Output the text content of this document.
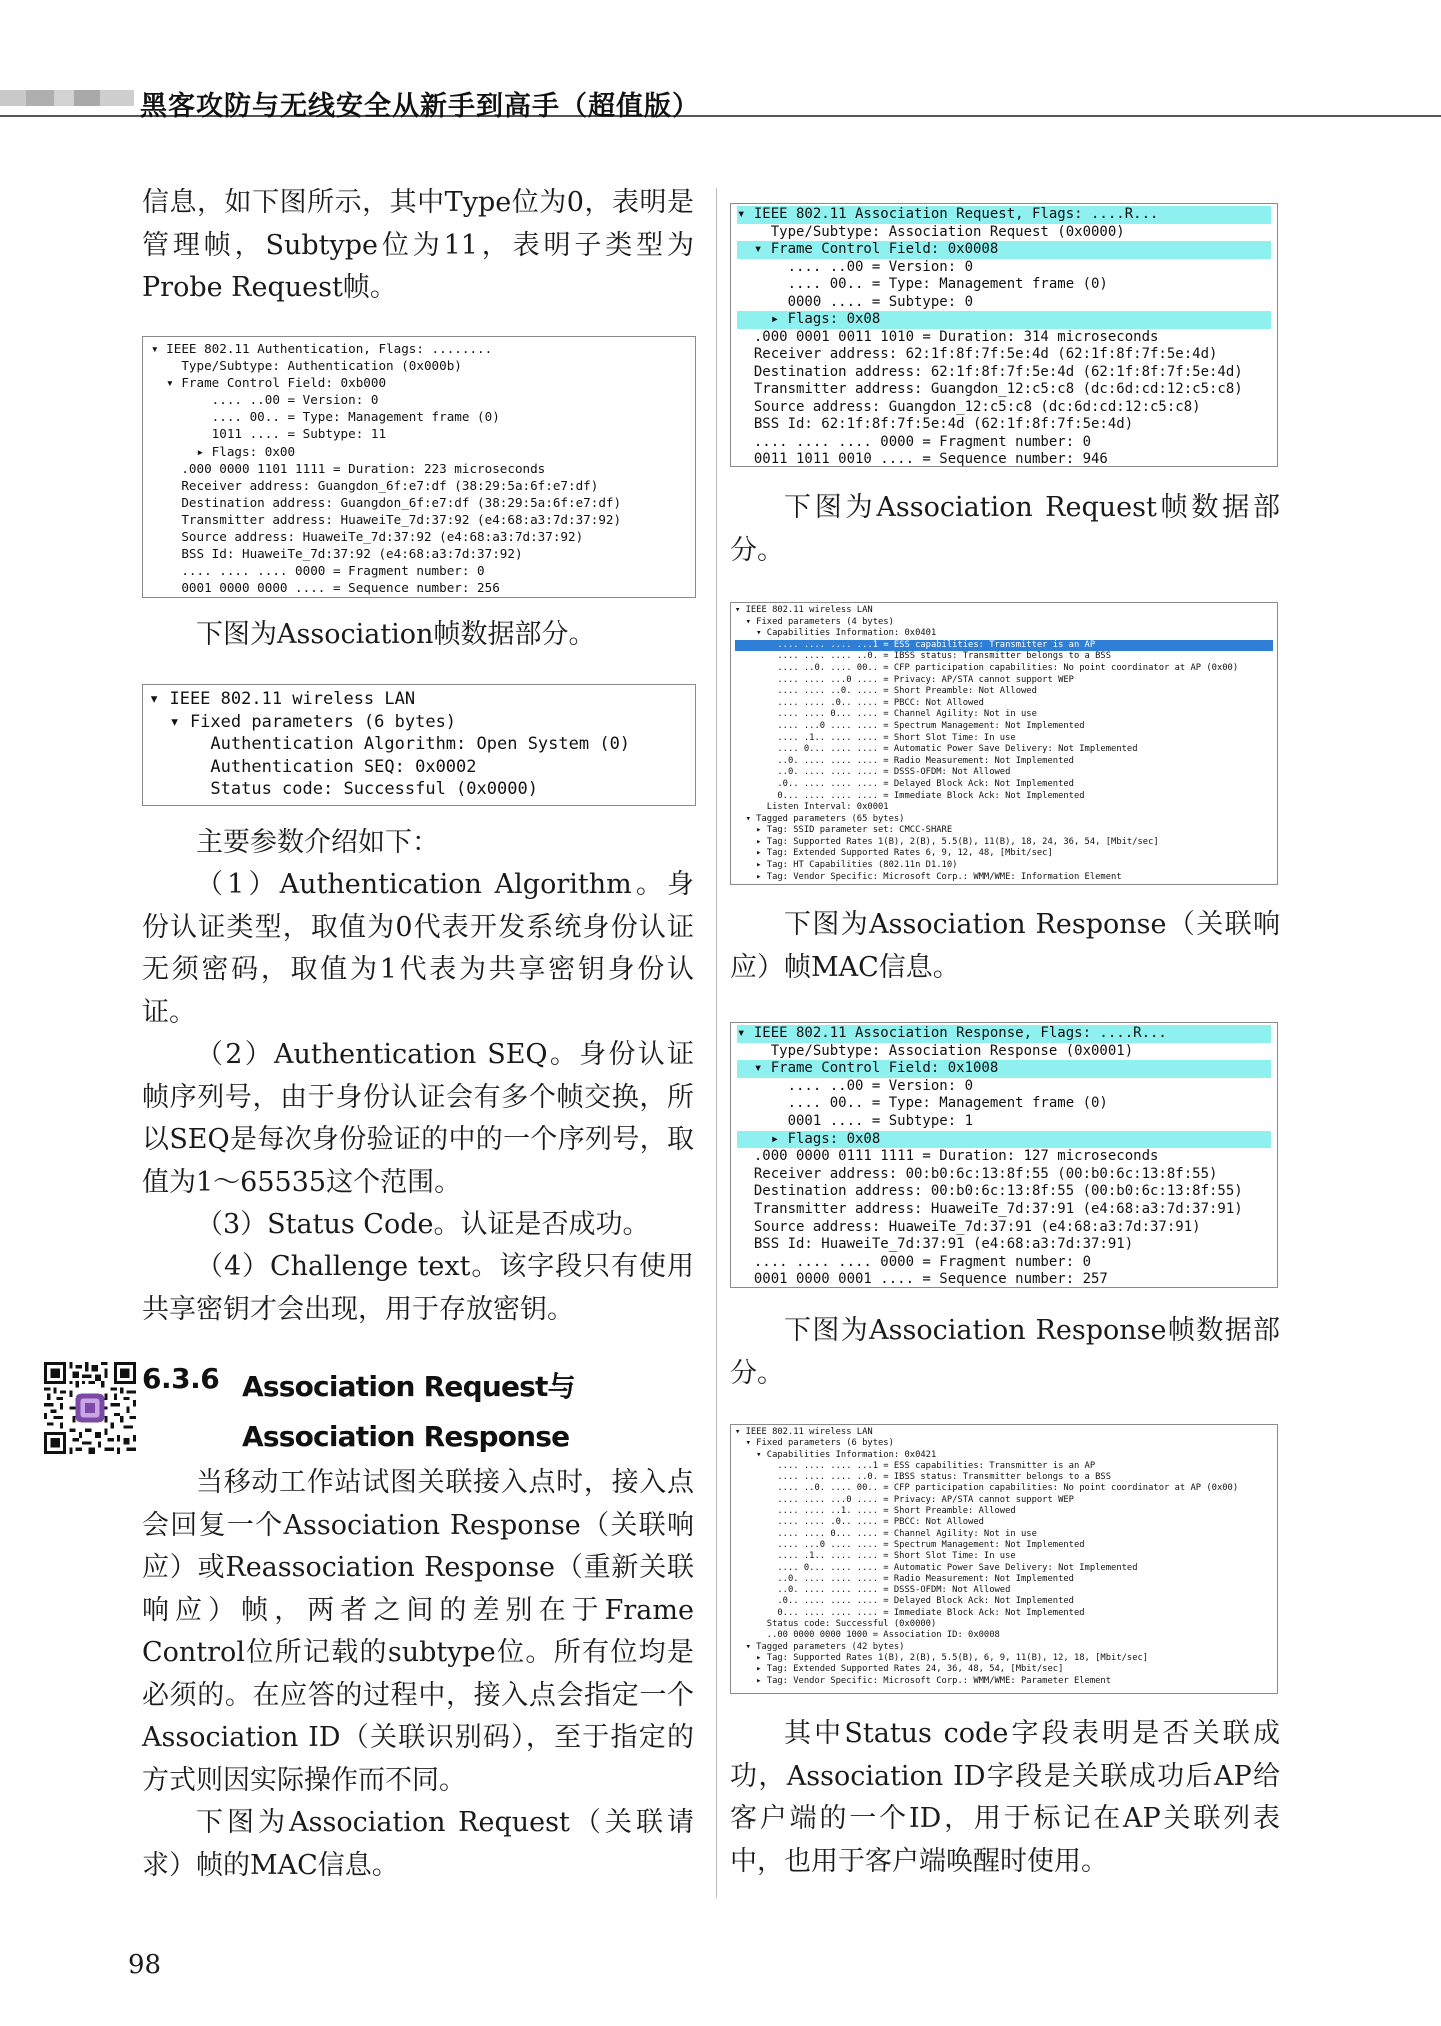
黑客攻防与无线安全从新手到高手（超值版）
信息，如下图所示，其中Type位为0，表明是管理帧，Subtype位为11，表明子类型为Probe Request帧。
▾ IEEE 802.11 Authentication, Flags: ........
Type/Subtype: Authentication (0x000b)
▾ Frame Control Field: 0xb000
.... ..00 = Version: 0
.... 00.. = Type: Management frame (0)
1011 .... = Subtype: 11
▸ Flags: 0x00
.000 0000 1101 1111 = Duration: 223 microseconds
Receiver address: Guangdon_6f:e7:df (38:29:5a:6f:e7:df)
Destination address: Guangdon_6f:e7:df (38:29:5a:6f:e7:df)
Transmitter address: HuaweiTe_7d:37:92 (e4:68:a3:7d:37:92)
Source address: HuaweiTe_7d:37:92 (e4:68:a3:7d:37:92)
BSS Id: HuaweiTe_7d:37:92 (e4:68:a3:7d:37:92)
.... .... .... 0000 = Fragment number: 0
0001 0000 0000 .... = Sequence number: 256
下图为Association帧数据部分。
▾ IEEE 802.11 wireless LAN
▾ Fixed parameters (6 bytes)
Authentication Algorithm: Open System (0)
Authentication SEQ: 0x0002
Status code: Successful (0x0000)
主要参数介绍如下：
（1）Authentication Algorithm。身份认证类型，取值为0代表开发系统身份认证无须密码，取值为1代表为共享密钥身份认证。
（2）Authentication SEQ。身份认证帧序列号，由于身份认证会有多个帧交换，所以SEQ是每次身份验证的中的一个序列号，取值为1～65535这个范围。
（3）Status Code。认证是否成功。
（4）Challenge text。该字段只有使用共享密钥才会出现，用于存放密钥。
6.3.6 Association Request与
Association Response
当移动工作站试图关联接入点时，接入点会回复一个Association Response（关联响应）或Reassociation Response（重新关联响应）帧，两者之间的差别在于Frame Control位所记载的subtype位。所有位均是必须的。在应答的过程中，接入点会指定一个Association ID（关联识别码），至于指定的方式则因实际操作而不同。
下图为Association Request（关联请求）帧的MAC信息。
▾ IEEE 802.11 Association Request, Flags: ....R...
Type/Subtype: Association Request (0x0000)
▾ Frame Control Field: 0x0008
.... ..00 = Version: 0
.... 00.. = Type: Management frame (0)
0000 .... = Subtype: 0
▸ Flags: 0x08
.000 0001 0011 1010 = Duration: 314 microseconds
Receiver address: 62:1f:8f:7f:5e:4d (62:1f:8f:7f:5e:4d)
Destination address: 62:1f:8f:7f:5e:4d (62:1f:8f:7f:5e:4d)
Transmitter address: Guangdon_12:c5:c8 (dc:6d:cd:12:c5:c8)
Source address: Guangdon_12:c5:c8 (dc:6d:cd:12:c5:c8)
BSS Id: 62:1f:8f:7f:5e:4d (62:1f:8f:7f:5e:4d)
.... .... .... 0000 = Fragment number: 0
0011 1011 0010 .... = Sequence number: 946
下图为Association Request帧数据部分。
▾ IEEE 802.11 wireless LAN
▾ Fixed parameters (4 bytes)
▾ Capabilities Information: 0x0401
.... .... .... ...1 = ESS capabilities: Transmitter is an AP
.... .... .... ..0. = IBSS status: Transmitter belongs to a BSS
.... ..0. .... 00.. = CFP participation capabilities: No point coordinator at AP (0x00)
.... .... ...0 .... = Privacy: AP/STA cannot support WEP
.... .... ..0. .... = Short Preamble: Not Allowed
.... .... .0.. .... = PBCC: Not Allowed
.... .... 0... .... = Channel Agility: Not in use
.... ...0 .... .... = Spectrum Management: Not Implemented
.... .1.. .... .... = Short Slot Time: In use
.... 0... .... .... = Automatic Power Save Delivery: Not Implemented
..0. .... .... .... = Radio Measurement: Not Implemented
..0. .... .... .... = DSSS-OFDM: Not Allowed
.0.. .... .... .... = Delayed Block Ack: Not Implemented
0... .... .... .... = Immediate Block Ack: Not Implemented
Listen Interval: 0x0001
▾ Tagged parameters (65 bytes)
▸ Tag: SSID parameter set: CMCC-SHARE
▸ Tag: Supported Rates 1(B), 2(B), 5.5(B), 11(B), 18, 24, 36, 54, [Mbit/sec]
▸ Tag: Extended Supported Rates 6, 9, 12, 48, [Mbit/sec]
▸ Tag: HT Capabilities (802.11n D1.10)
▸ Tag: Vendor Specific: Microsoft Corp.: WMM/WME: Information Element
下图为Association Response（关联响应）帧MAC信息。
▾ IEEE 802.11 Association Response, Flags: ....R...
Type/Subtype: Association Response (0x0001)
▾ Frame Control Field: 0x1008
.... ..00 = Version: 0
.... 00.. = Type: Management frame (0)
0001 .... = Subtype: 1
▸ Flags: 0x08
.000 0000 0111 1111 = Duration: 127 microseconds
Receiver address: 00:b0:6c:13:8f:55 (00:b0:6c:13:8f:55)
Destination address: 00:b0:6c:13:8f:55 (00:b0:6c:13:8f:55)
Transmitter address: HuaweiTe_7d:37:91 (e4:68:a3:7d:37:91)
Source address: HuaweiTe_7d:37:91 (e4:68:a3:7d:37:91)
BSS Id: HuaweiTe_7d:37:91 (e4:68:a3:7d:37:91)
.... .... .... 0000 = Fragment number: 0
0001 0000 0001 .... = Sequence number: 257
下图为Association Response帧数据部分。
▾ IEEE 802.11 wireless LAN
▾ Fixed parameters (6 bytes)
▾ Capabilities Information: 0x0421
.... .... .... ...1 = ESS capabilities: Transmitter is an AP
.... .... .... ..0. = IBSS status: Transmitter belongs to a BSS
.... ..0. .... 00.. = CFP participation capabilities: No point coordinator at AP (0x00)
.... .... ...0 .... = Privacy: AP/STA cannot support WEP
.... .... ..1. .... = Short Preamble: Allowed
.... .... .0.. .... = PBCC: Not Allowed
.... .... 0... .... = Channel Agility: Not in use
.... ...0 .... .... = Spectrum Management: Not Implemented
.... .1.. .... .... = Short Slot Time: In use
.... 0... .... .... = Automatic Power Save Delivery: Not Implemented
..0. .... .... .... = Radio Measurement: Not Implemented
..0. .... .... .... = DSSS-OFDM: Not Allowed
.0.. .... .... .... = Delayed Block Ack: Not Implemented
0... .... .... .... = Immediate Block Ack: Not Implemented
Status code: Successful (0x0000)
..00 0000 0000 1000 = Association ID: 0x0008
▾ Tagged parameters (42 bytes)
▸ Tag: Supported Rates 1(B), 2(B), 5.5(B), 6, 9, 11(B), 12, 18, [Mbit/sec]
▸ Tag: Extended Supported Rates 24, 36, 48, 54, [Mbit/sec]
▸ Tag: Vendor Specific: Microsoft Corp.: WMM/WME: Parameter Element
其中Status code字段表明是否关联成功，Association ID字段是关联成功后AP给客户端的一个ID，用于标记在AP关联列表中，也用于客户端唤醒时使用。
98
